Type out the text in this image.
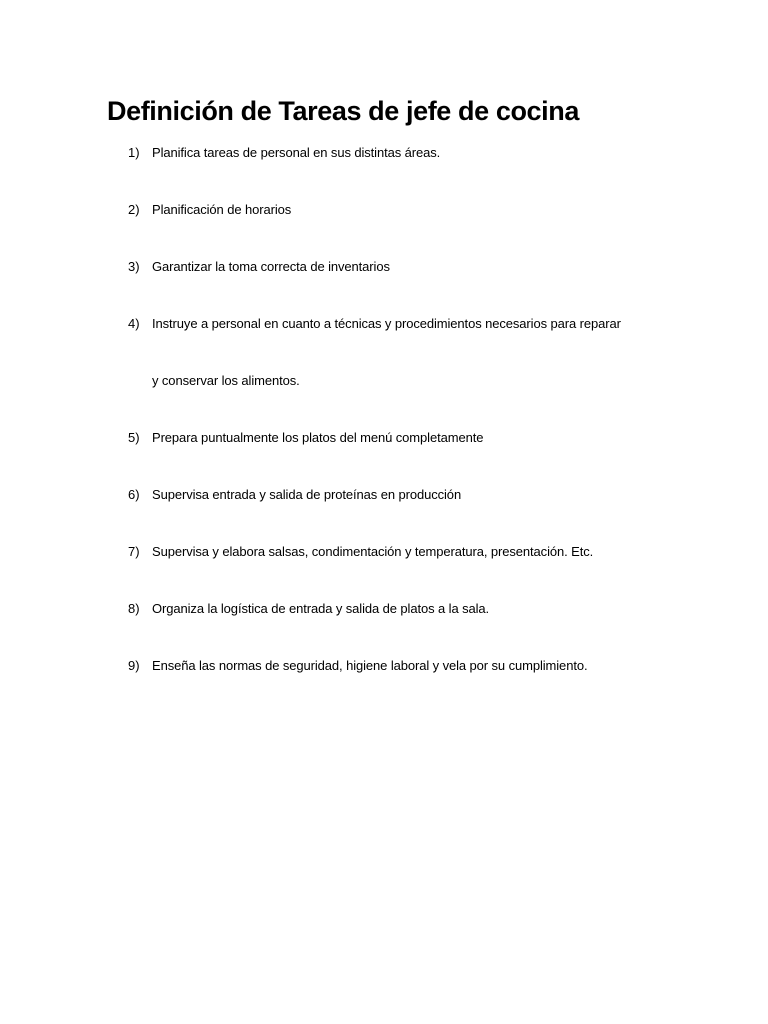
Definición de Tareas de jefe de cocina
1) Planifica tareas de personal en sus distintas áreas.
2) Planificación de horarios
3) Garantizar la toma correcta de inventarios
4) Instruye a personal en cuanto a técnicas y procedimientos necesarios para reparar
y conservar los alimentos.
5) Prepara puntualmente los platos del menú completamente
6) Supervisa entrada y salida de proteínas en producción
7) Supervisa y elabora salsas, condimentación y temperatura, presentación. Etc.
8) Organiza la logística de entrada y salida de platos a la sala.
9) Enseña las normas de seguridad, higiene laboral y vela por su cumplimiento.
